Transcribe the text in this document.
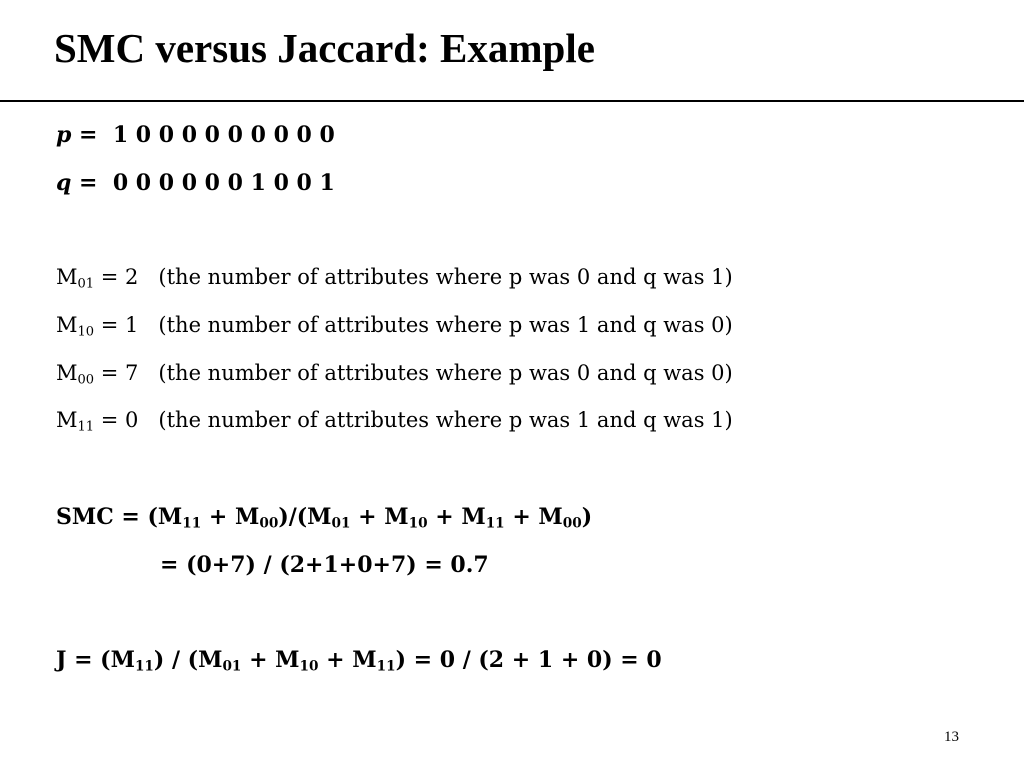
SMC versus Jaccard: Example
p =  1 0 0 0 0 0 0 0 0 0
q =  0 0 0 0 0 0 1 0 0 1
$M_{01} = 2$   (the number of attributes where p was 0 and q was 1)
$M_{10} = 1$   (the number of attributes where p was 1 and q was 0)
$M_{00} = 7$   (the number of attributes where p was 0 and q was 0)
$M_{11} = 0$   (the number of attributes where p was 1 and q was 1)
SMC = $(M_{11} + M_{00})/(M_{01} + M_{10} + M_{11} + M_{00})$
= (0+7) / (2+1+0+7) = 0.7
$J = (M_{11}) / (M_{01} + M_{10} + M_{11}) = 0 / (2 + 1 + 0) = 0$
13
